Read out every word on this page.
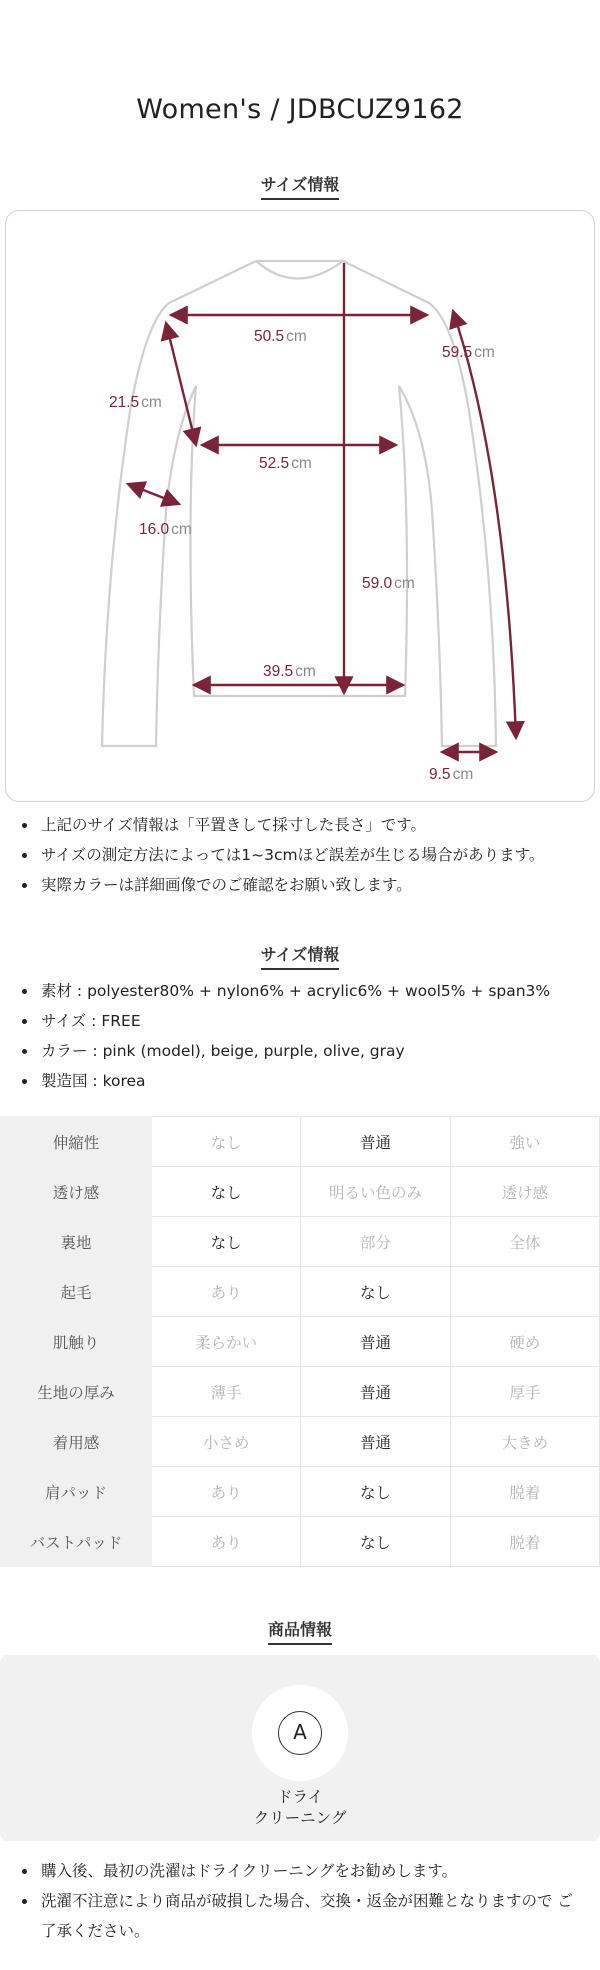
Women's / JDBCUZ9162
サイズ情報
50.5 cm
59.5 cm
21.5 cm
52.5 cm
16.0 cm
59.0 cm
39.5 cm
9.5 cm
上記のサイズ情報は「平置きして採寸した長さ」です。
サイズの測定方法によっては1~3cmほど誤差が生じる場合があります。
実際カラーは詳細画像でのご確認をお願い致します。
サイズ情報
素材 : polyester80% + nylon6% + acrylic6% + wool5% + span3%
サイズ : FREE
カラー : pink (model), beige, purple, olive, gray
製造国 : korea
伸縮性	なし	普通	強い
透け感	なし	明るい色のみ	透け感
裏地	なし	部分	全体
起毛	あり	なし	
肌触り	柔らかい	普通	硬め
生地の厚み	薄手	普通	厚手
着用感	小さめ	普通	大きめ
肩パッド	あり	なし	脱着
バストパッド	あり	なし	脱着
商品情報
A
ドライ
クリーニング
購入後、最初の洗濯はドライクリーニングをお勧めします。
洗濯不注意により商品が破損した場合、交換・返金が困難となりますので ご了承ください。
